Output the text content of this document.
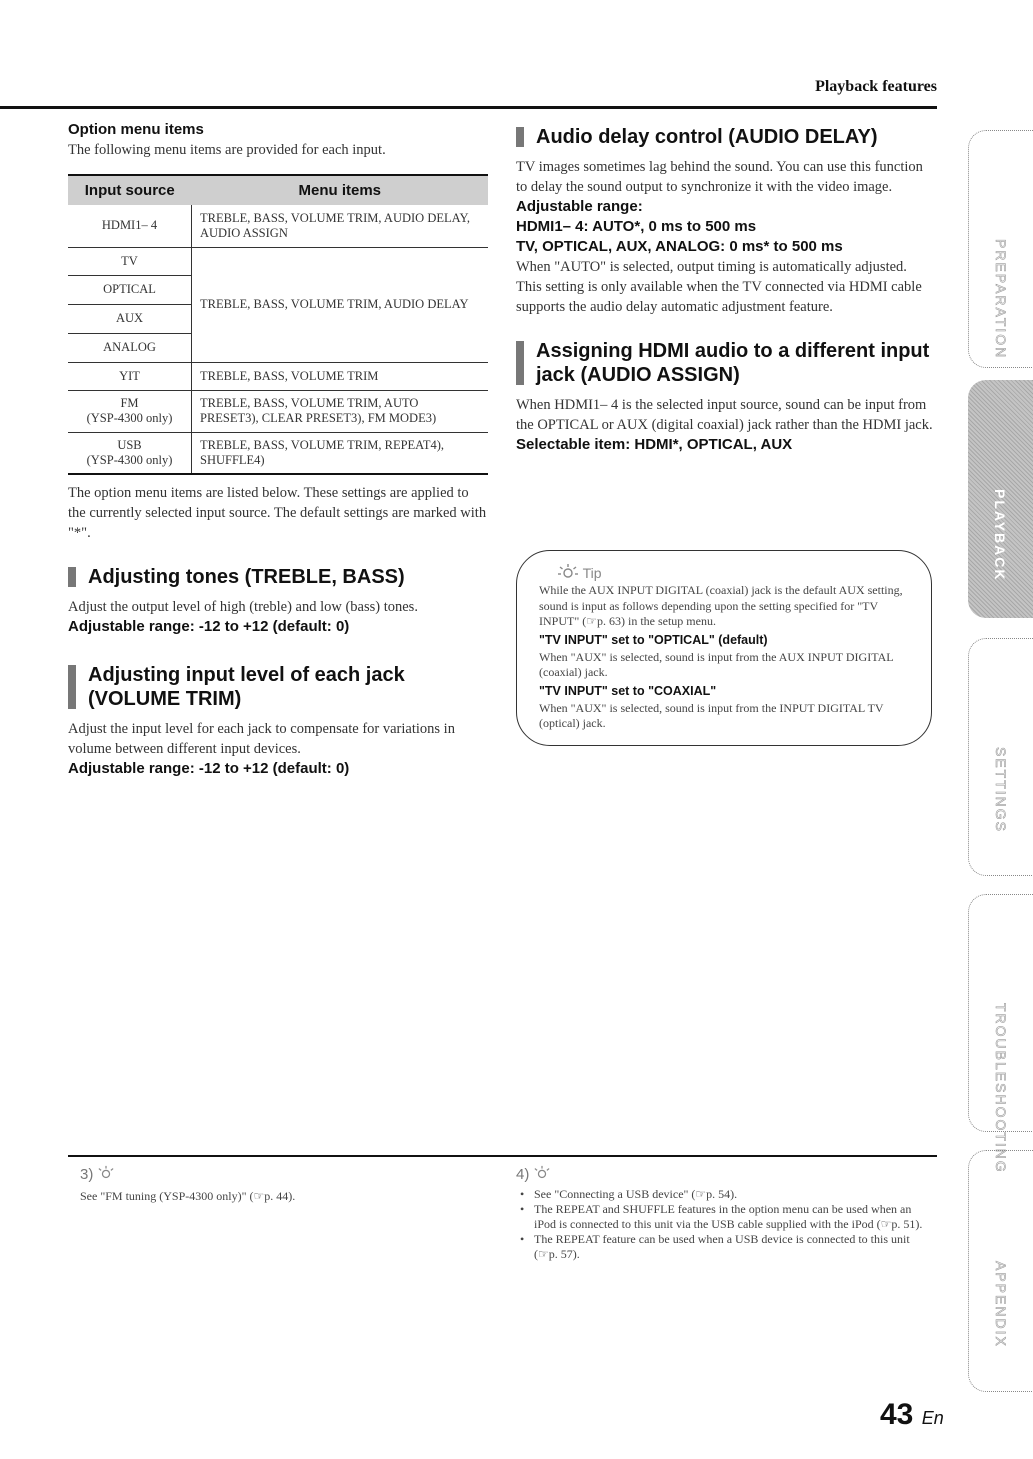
Playback features

Option menu items

The following menu items are provided for each input.

Input source	Menu items
HDMI1– 4	TREBLE, BASS, VOLUME TRIM, AUDIO DELAY, AUDIO ASSIGN
TV	TREBLE, BASS, VOLUME TRIM, AUDIO DELAY
OPTICAL	
AUX	
ANALOG	
YIT	TREBLE, BASS, VOLUME TRIM

FM
(YSP-4300 only)	TREBLE, BASS, VOLUME TRIM, AUTO PRESET3), CLEAR PRESET3), FM MODE3)

USB
(YSP-4300 only)	TREBLE, BASS, VOLUME TRIM, REPEAT4), SHUFFLE4)

The option menu items are listed below. These settings are applied to the currently selected input source. The default settings are marked with "*".

Adjusting tones (TREBLE, BASS)

Adjust the output level of high (treble) and low (bass) tones.

Adjustable range: -12 to +12 (default: 0)

Adjusting input level of each jack
(VOLUME TRIM)

Adjust the input level for each jack to compensate for variations in volume between different input devices.

Adjustable range: -12 to +12 (default: 0)

Audio delay control (AUDIO DELAY)

TV images sometimes lag behind the sound. You can use this function to delay the sound output to synchronize it with the video image.

Adjustable range:

HDMI1– 4: AUTO*, 0 ms to 500 ms

TV, OPTICAL, AUX, ANALOG: 0 ms* to 500 ms

When "AUTO" is selected, output timing is automatically adjusted. This setting is only available when the TV connected via HDMI cable supports the audio delay automatic adjustment feature.

Assigning HDMI audio to a different input
jack (AUDIO ASSIGN)

When HDMI1– 4 is the selected input source, sound can be input from the OPTICAL or AUX (digital coaxial) jack rather than the HDMI jack.

Selectable item: HDMI*, OPTICAL, AUX

Tip

While the AUX INPUT DIGITAL (coaxial) jack is the default AUX setting, sound is input as follows depending upon the setting specified for "TV INPUT" (☞p. 63) in the setup menu.

"TV INPUT" set to "OPTICAL" (default)

When "AUX" is selected, sound is input from the AUX INPUT DIGITAL (coaxial) jack.

"TV INPUT" set to "COAXIAL"

When "AUX" is selected, sound is input from the INPUT DIGITAL TV (optical) jack.

3)
See "FM tuning (YSP-4300 only)" (☞p. 44).
4)
• See "Connecting a USB device" (☞p. 54).
• The REPEAT and SHUFFLE features in the option menu can be used when an iPod is connected to this unit via the USB cable supplied with the iPod (☞p. 51).
• The REPEAT feature can be used when a USB device is connected to this unit (☞p. 57).
PREPARATION
PLAYBACK
SETTINGS
TROUBLESHOOTING
APPENDIX
43 En
